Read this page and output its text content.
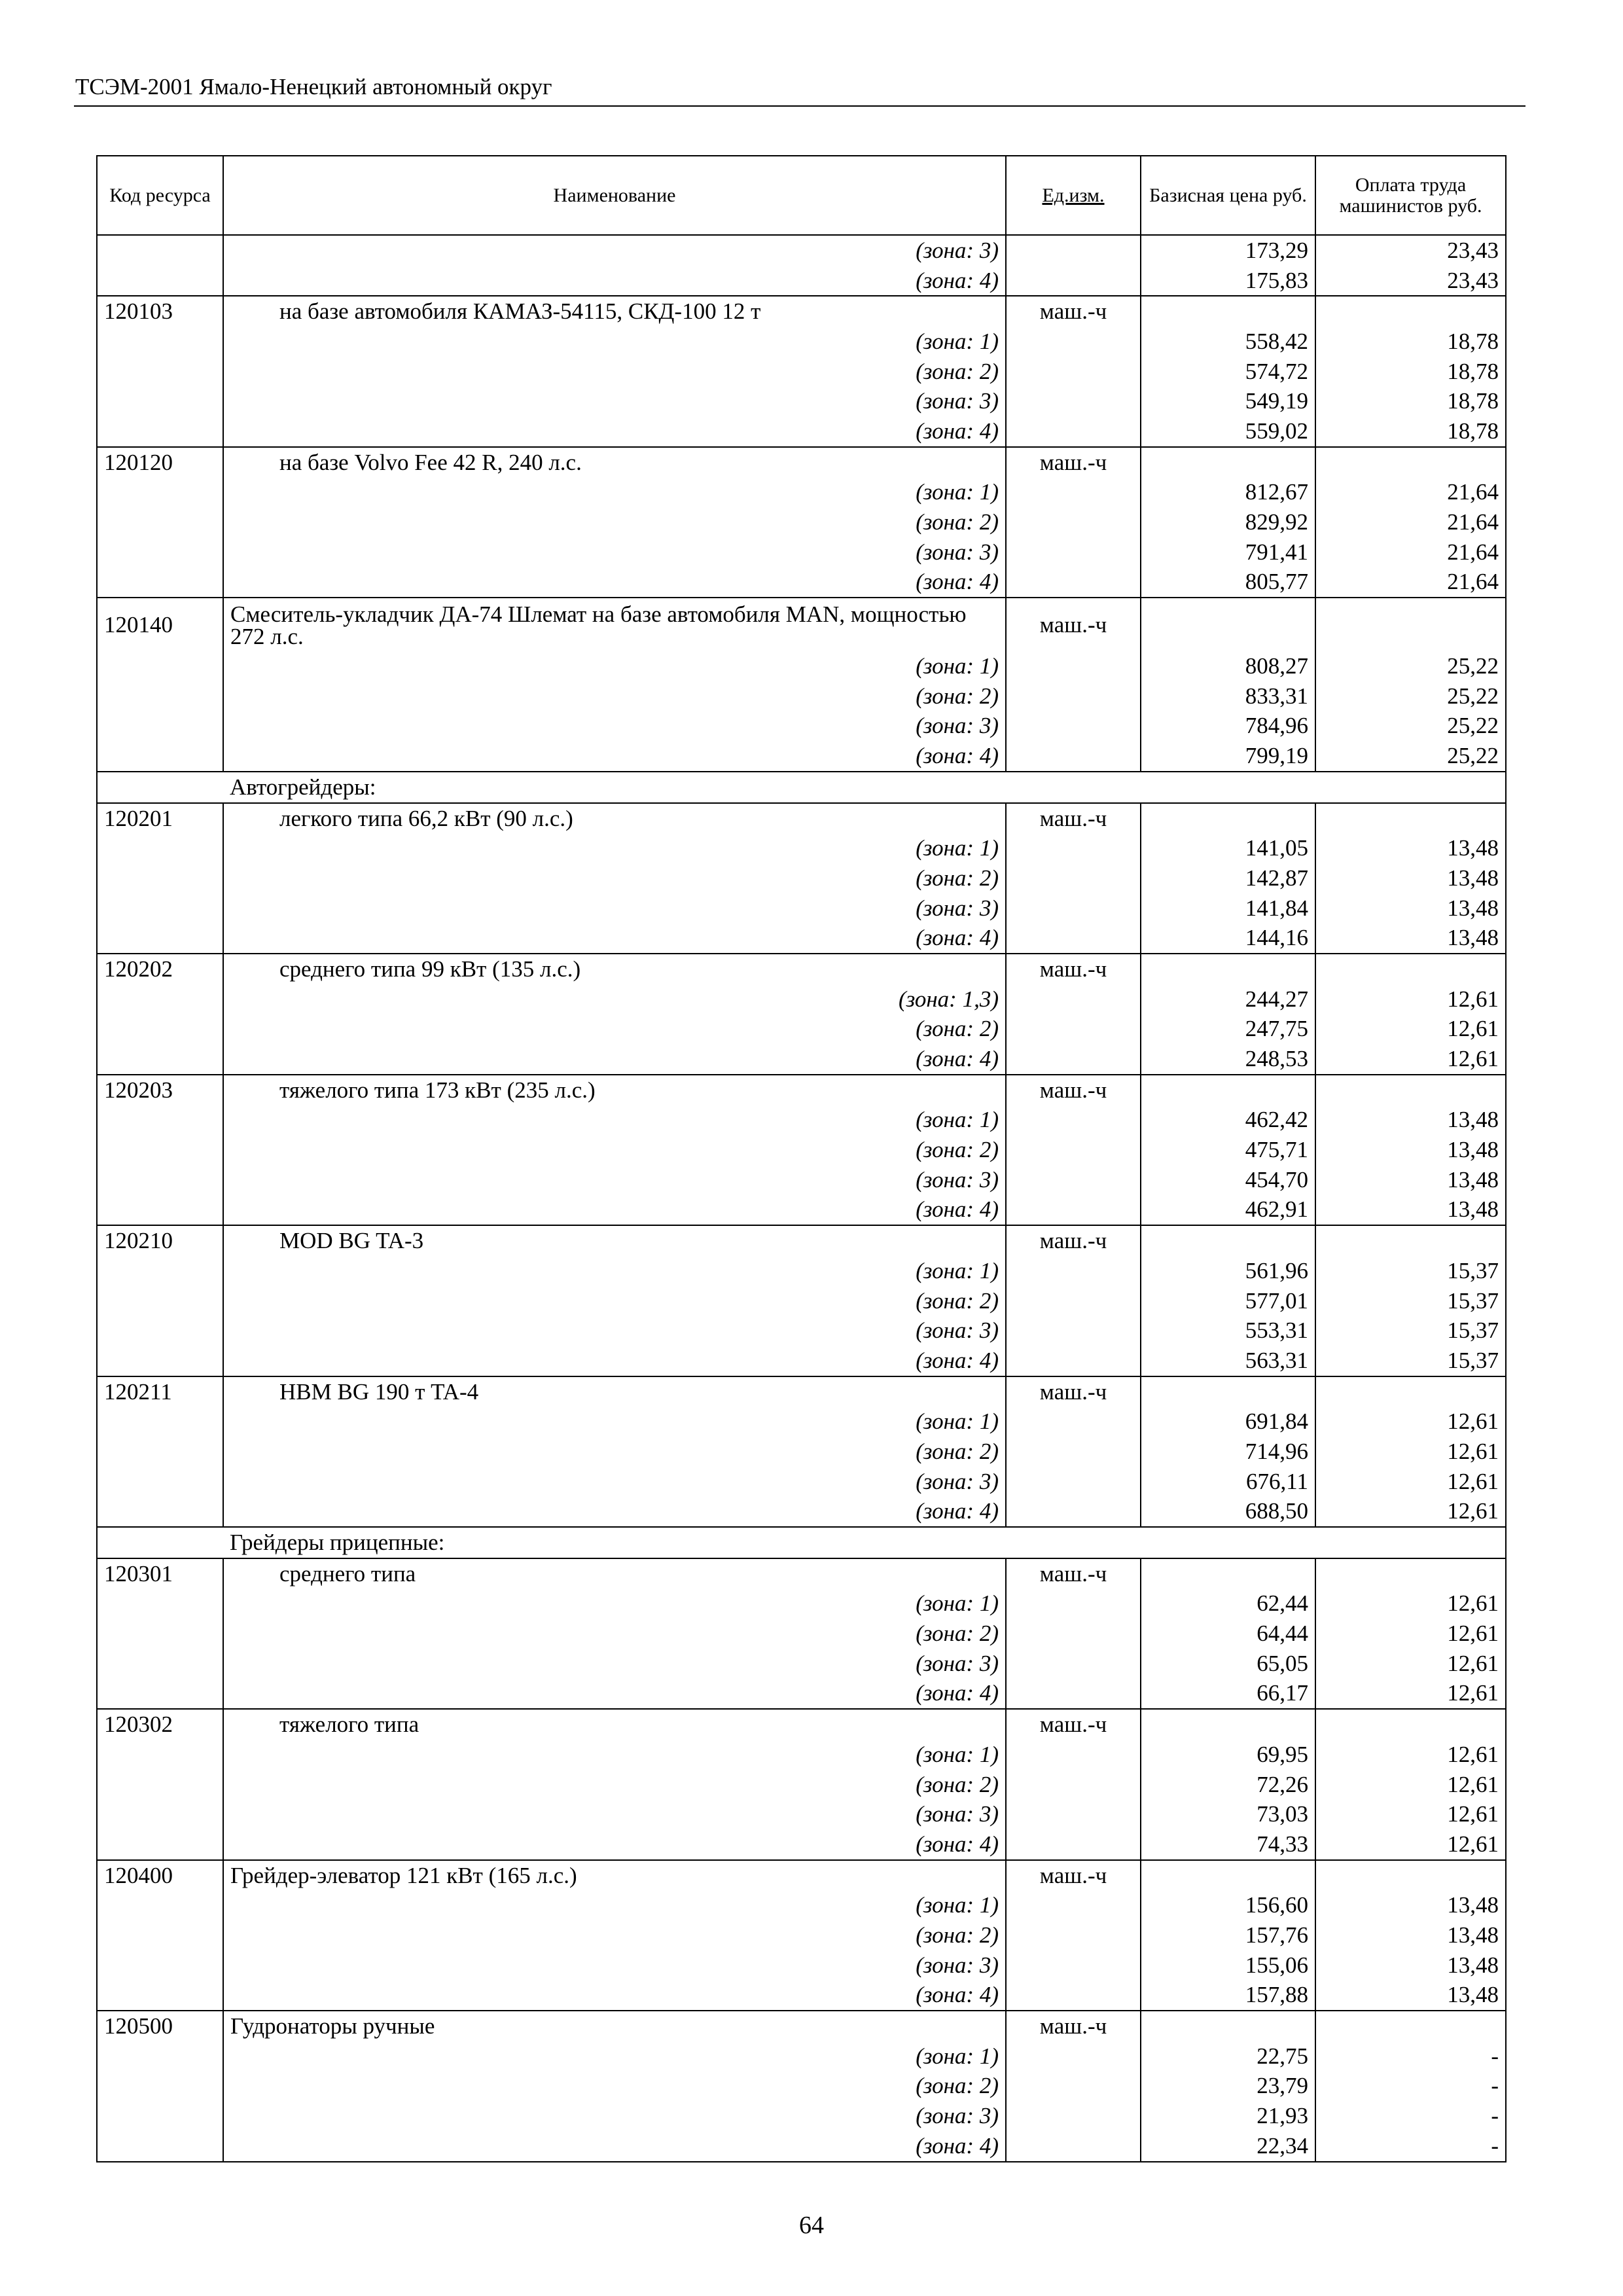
ТСЭМ-2001 Ямало-Ненецкий автономный округ
Код ресурса	Наименование	Ед.изм.	Базисная цена руб.	Оплата труда машинистов руб.
	(зона: 3)		173,29	23,43
	(зона: 4)		175,83	23,43
120103	на базе автомобиля КАМАЗ-54115, СКД-100 12 т	маш.-ч		
	(зона: 1)		558,42	18,78
	(зона: 2)		574,72	18,78
	(зона: 3)		549,19	18,78
	(зона: 4)		559,02	18,78
120120	на базе Volvo Fee 42 R, 240 л.с.	маш.-ч		
	(зона: 1)		812,67	21,64
	(зона: 2)		829,92	21,64
	(зона: 3)		791,41	21,64
	(зона: 4)		805,77	21,64
120140	Смеситель-укладчик ДА-74 Шлемат на базе автомобиля MAN, мощностью 272 л.с.	маш.-ч		
	(зона: 1)		808,27	25,22
	(зона: 2)		833,31	25,22
	(зона: 3)		784,96	25,22
	(зона: 4)		799,19	25,22
	Автогрейдеры:			
120201	легкого типа 66,2 кВт (90 л.с.)	маш.-ч		
	(зона: 1)		141,05	13,48
	(зона: 2)		142,87	13,48
	(зона: 3)		141,84	13,48
	(зона: 4)		144,16	13,48
120202	среднего типа 99 кВт (135 л.с.)	маш.-ч		
	(зона: 1,3)		244,27	12,61
	(зона: 2)		247,75	12,61
	(зона: 4)		248,53	12,61
120203	тяжелого типа 173 кВт (235 л.с.)	маш.-ч		
	(зона: 1)		462,42	13,48
	(зона: 2)		475,71	13,48
	(зона: 3)		454,70	13,48
	(зона: 4)		462,91	13,48
120210	MOD BG TA-3	маш.-ч		
	(зона: 1)		561,96	15,37
	(зона: 2)		577,01	15,37
	(зона: 3)		553,31	15,37
	(зона: 4)		563,31	15,37
120211	HBM BG 190 т TA-4	маш.-ч		
	(зона: 1)		691,84	12,61
	(зона: 2)		714,96	12,61
	(зона: 3)		676,11	12,61
	(зона: 4)		688,50	12,61
	Грейдеры прицепные:			
120301	среднего типа	маш.-ч		
	(зона: 1)		62,44	12,61
	(зона: 2)		64,44	12,61
	(зона: 3)		65,05	12,61
	(зона: 4)		66,17	12,61
120302	тяжелого типа	маш.-ч		
	(зона: 1)		69,95	12,61
	(зона: 2)		72,26	12,61
	(зона: 3)		73,03	12,61
	(зона: 4)		74,33	12,61
120400	Грейдер-элеватор 121 кВт (165 л.с.)	маш.-ч		
	(зона: 1)		156,60	13,48
	(зона: 2)		157,76	13,48
	(зона: 3)		155,06	13,48
	(зона: 4)		157,88	13,48
120500	Гудронаторы ручные	маш.-ч		
	(зона: 1)		22,75	-
	(зона: 2)		23,79	-
	(зона: 3)		21,93	-
	(зона: 4)		22,34	-
64
